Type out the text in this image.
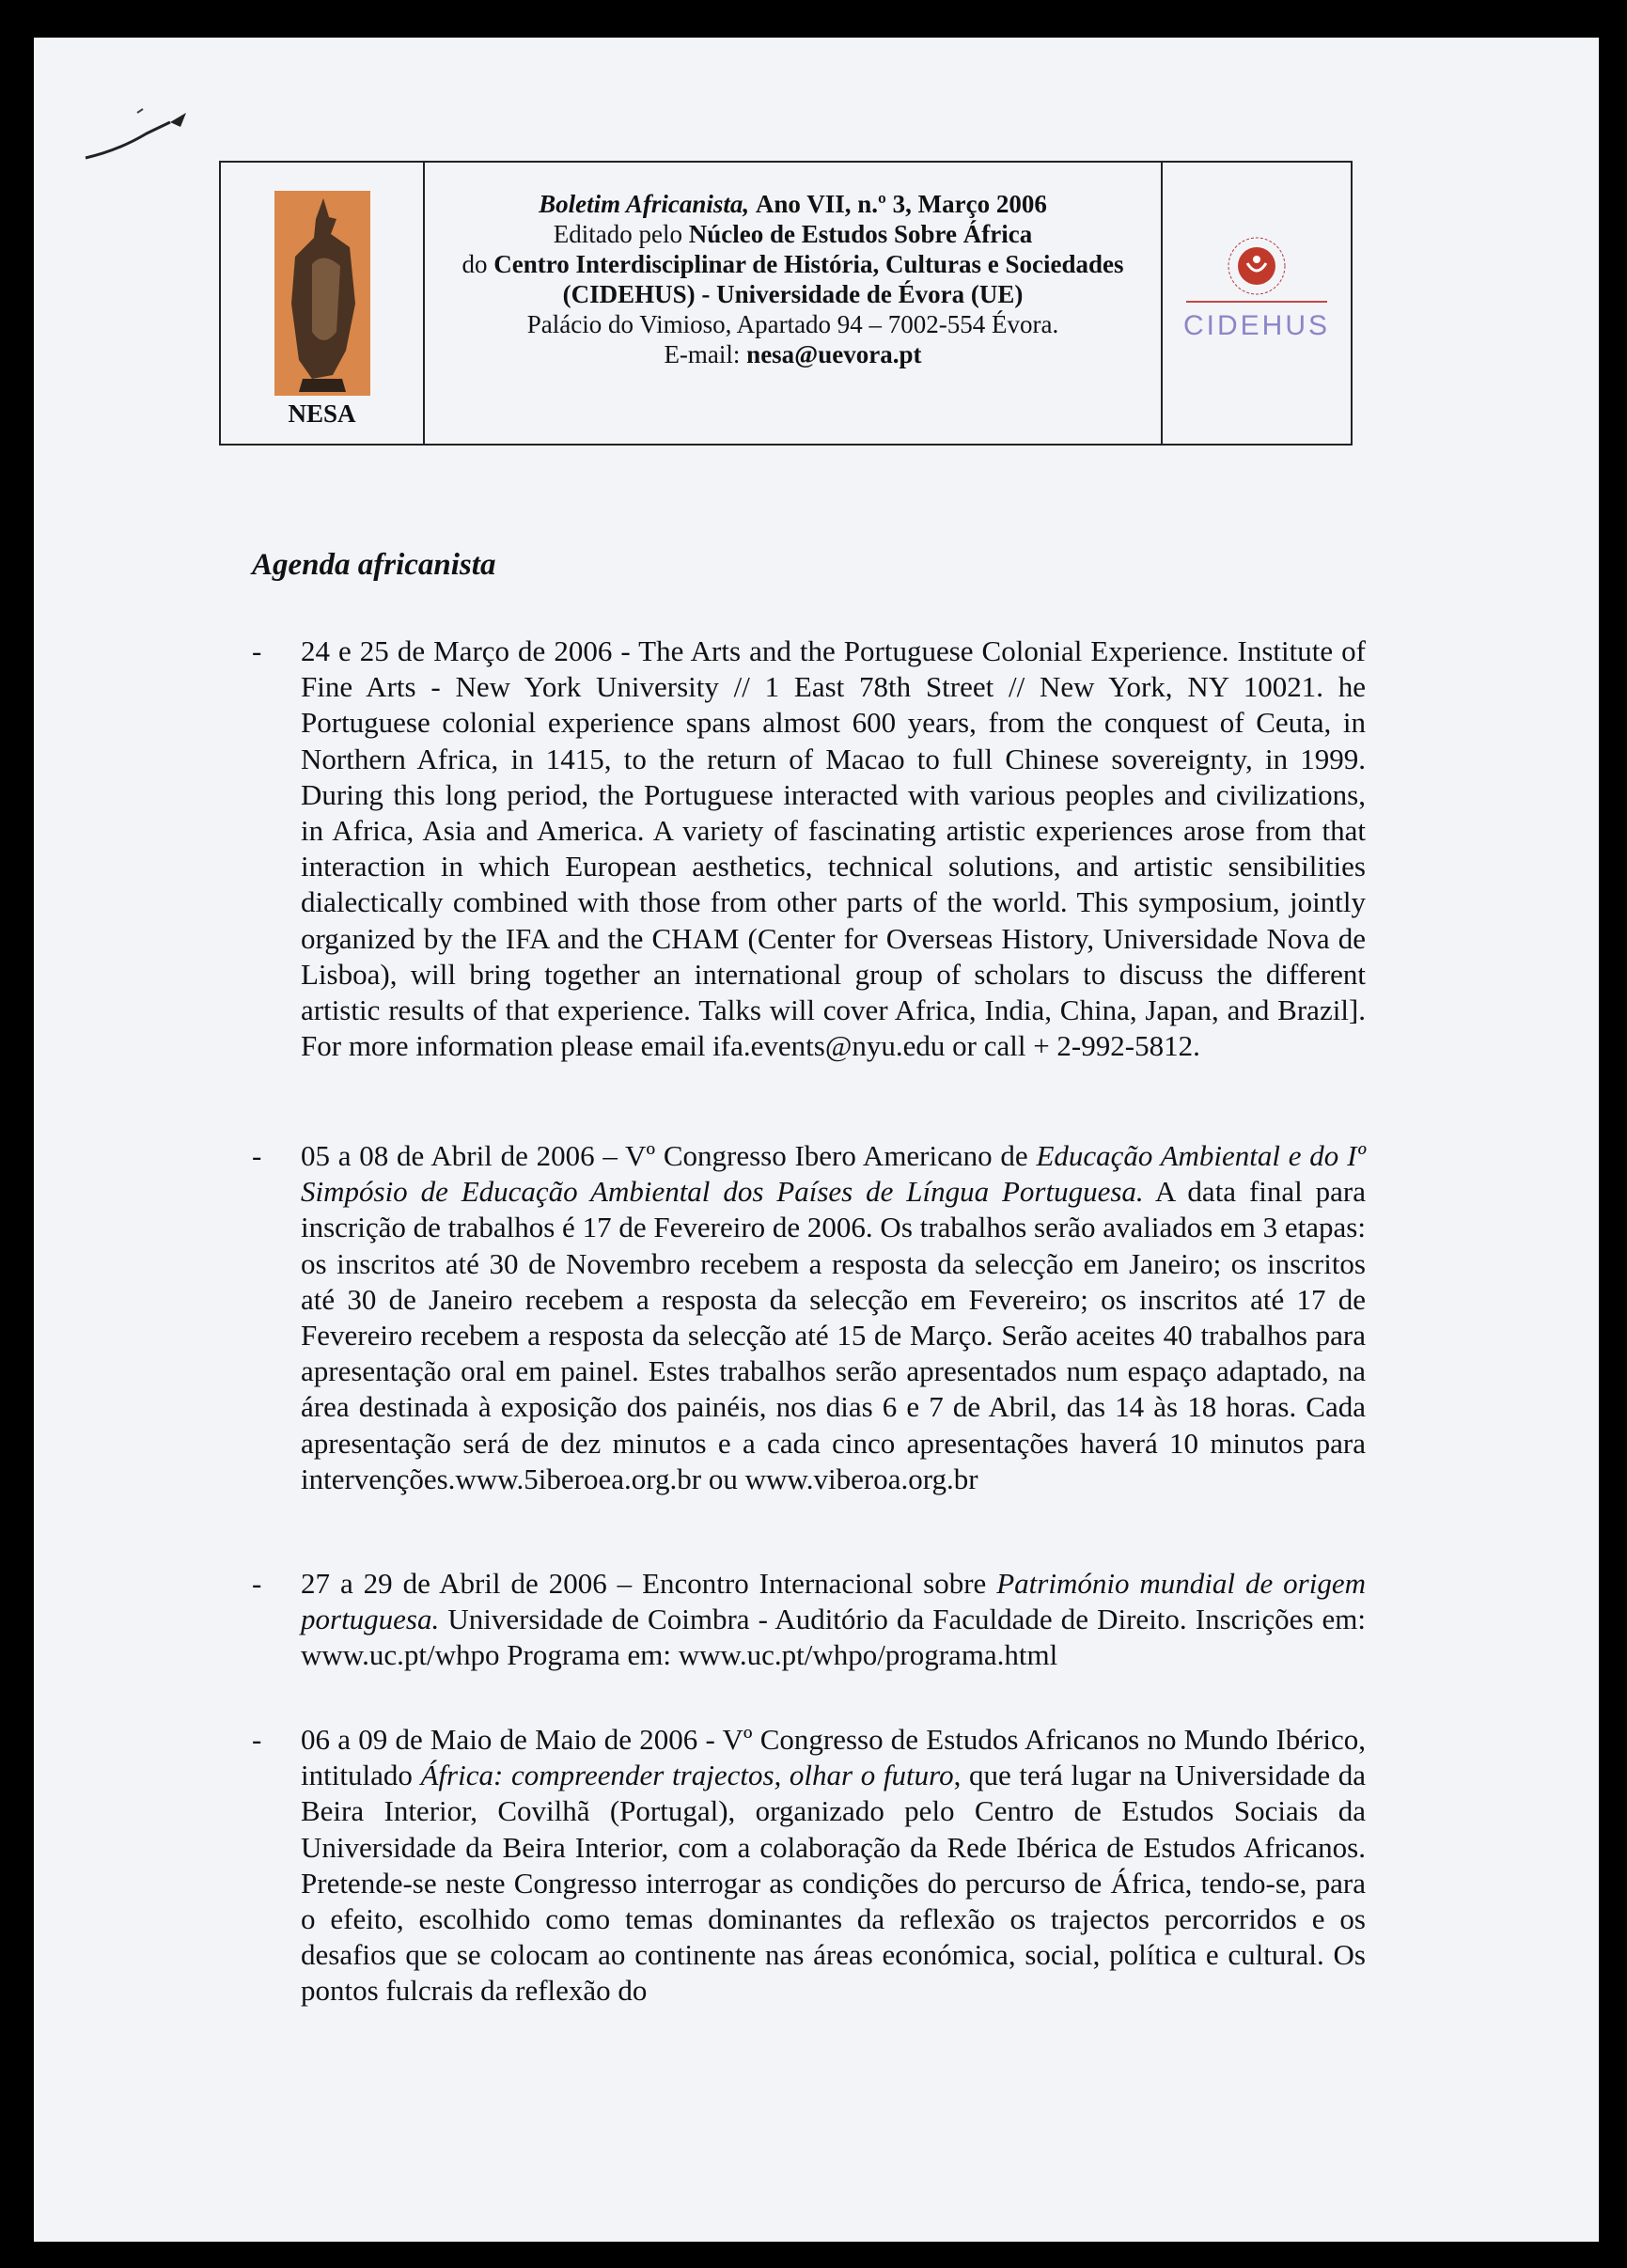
NESA
Boletim Africanista, Ano VII, n.º 3, Março 2006
Editado pelo Núcleo de Estudos Sobre África
do Centro Interdisciplinar de História, Culturas e Sociedades
(CIDEHUS) - Universidade de Évora (UE)
Palácio do Vimioso, Apartado 94 – 7002-554 Évora.
E-mail: nesa@uevora.pt
CIDEHUS
Agenda africanista
- 24 e 25 de Março de 2006 - The Arts and the Portuguese Colonial Experience. Institute of Fine Arts - New York University // 1 East 78th Street // New York, NY 10021. he Portuguese colonial experience spans almost 600 years, from the conquest of Ceuta, in Northern Africa, in 1415, to the return of Macao to full Chinese sovereignty, in 1999. During this long period, the Portuguese interacted with various peoples and civilizations, in Africa, Asia and America. A variety of fascinating artistic experiences arose from that interaction in which European aesthetics, technical solutions, and artistic sensibilities dialectically combined with those from other parts of the world. This symposium, jointly organized by the IFA and the CHAM (Center for Overseas History, Universidade Nova de Lisboa), will bring together an international group of scholars to discuss the different artistic results of that experience. Talks will cover Africa, India, China, Japan, and Brazil]. For more information please email ifa.events@nyu.edu or call + 2-992-5812.
- 05 a 08 de Abril de 2006 – Vº Congresso Ibero Americano de Educação Ambiental e do Iº Simpósio de Educação Ambiental dos Países de Língua Portuguesa. A data final para inscrição de trabalhos é 17 de Fevereiro de 2006. Os trabalhos serão avaliados em 3 etapas: os inscritos até 30 de Novembro recebem a resposta da selecção em Janeiro; os inscritos até 30 de Janeiro recebem a resposta da selecção em Fevereiro; os inscritos até 17 de Fevereiro recebem a resposta da selecção até 15 de Março. Serão aceites 40 trabalhos para apresentação oral em painel. Estes trabalhos serão apresentados num espaço adaptado, na área destinada à exposição dos painéis, nos dias 6 e 7 de Abril, das 14 às 18 horas. Cada apresentação será de dez minutos e a cada cinco apresentações haverá 10 minutos para intervenções.www.5iberoea.org.br ou www.viberoa.org.br
- 27 a 29 de Abril de 2006 – Encontro Internacional sobre Património mundial de origem portuguesa. Universidade de Coimbra - Auditório da Faculdade de Direito. Inscrições em: www.uc.pt/whpo Programa em: www.uc.pt/whpo/programa.html
- 06 a 09 de Maio de Maio de 2006 - Vº Congresso de Estudos Africanos no Mundo Ibérico, intitulado África: compreender trajectos, olhar o futuro, que terá lugar na Universidade da Beira Interior, Covilhã (Portugal), organizado pelo Centro de Estudos Sociais da Universidade da Beira Interior, com a colaboração da Rede Ibérica de Estudos Africanos. Pretende-se neste Congresso interrogar as condições do percurso de África, tendo-se, para o efeito, escolhido como temas dominantes da reflexão os trajectos percorridos e os desafios que se colocam ao continente nas áreas económica, social, política e cultural. Os pontos fulcrais da reflexão do
